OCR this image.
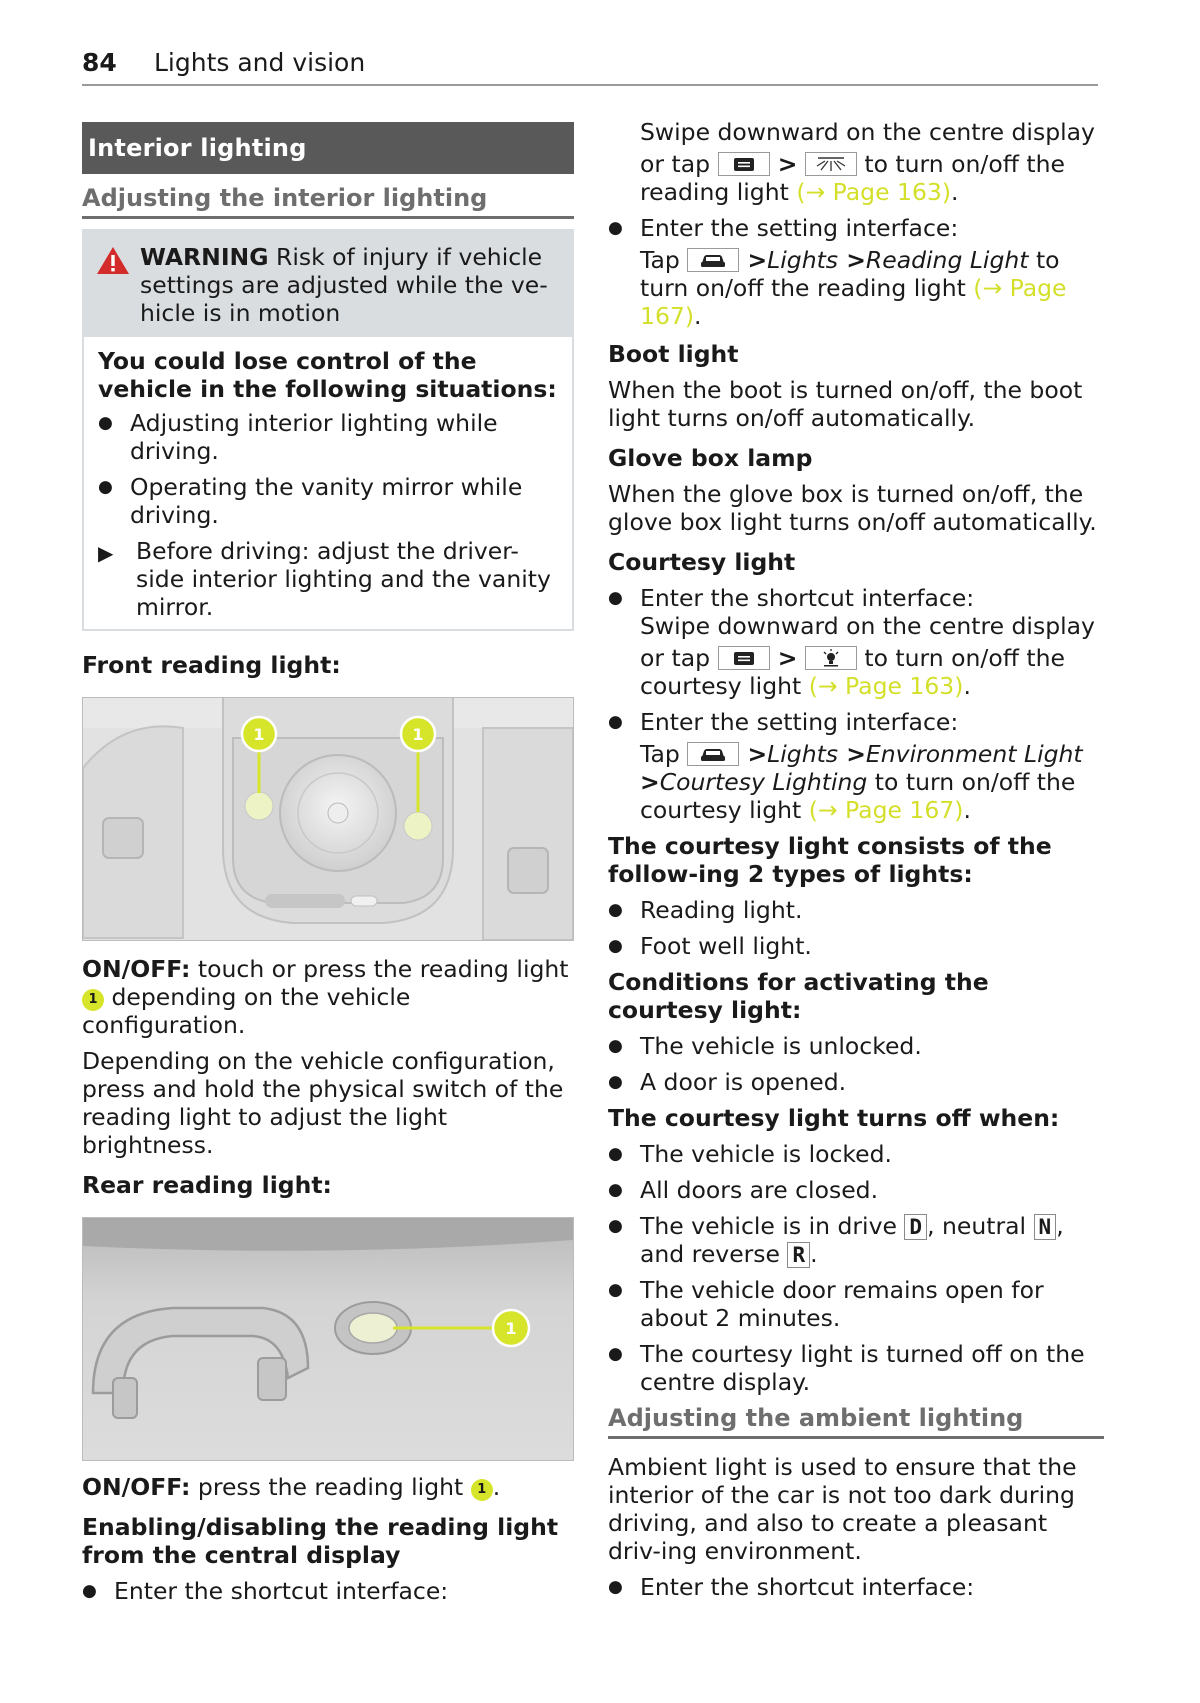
84 Lights and vision
Interior lighting
Adjusting the interior lighting
WARNING Risk of injury if vehicle settings are adjusted while the ve-hicle is in motion

You could lose control of the vehicle in the following situations:

● Adjusting interior lighting while driving.
● Operating the vanity mirror while driving.
▶ Before driving: adjust the driver-side interior lighting and the vanity mirror.

Front reading light:

1	1

ON/OFF: touch or press the reading light
1 depending on the vehicle configuration.

Depending on the vehicle configuration, press and hold the physical switch of the reading light to adjust the light brightness.

Rear reading light:

1

ON/OFF: press the reading light 1 .

Enabling/disabling the reading light from the central display

● Enter the shortcut interface:

Swipe downward on the centre display

or tap	>	to turn on/off the

reading light (→ Page 163).

● Enter the setting interface:

Tap	>Lights >Reading Light to turn on/off the reading light (→ Page 167).

Boot light

When the boot is turned on/off, the boot light turns on/off automatically.

Glove box lamp

When the glove box is turned on/off, the glove box light turns on/off automatically.

Courtesy light

● Enter the shortcut interface:

Swipe downward on the centre display

or tap	>	to turn on/off the

courtesy light (→ Page 163).

● Enter the setting interface:

Tap	>Lights >Environment Light >Courtesy Lighting to turn on/off the courtesy light (→ Page 167).

The courtesy light consists of the follow-ing 2 types of lights:

● Reading light.
● Foot well light.

Conditions for activating the courtesy light:

● The vehicle is unlocked.
● A door is opened.

The courtesy light turns off when:

● The vehicle is locked.
● All doors are closed.
● The vehicle is in drive D , neutral N ,
and reverse R .
● The vehicle door remains open for about 2 minutes.
● The courtesy light is turned off on the centre display.
Adjusting the ambient lighting

Ambient light is used to ensure that the interior of the car is not too dark during driving, and also to create a pleasant driv-ing environment.

● Enter the shortcut interface:
